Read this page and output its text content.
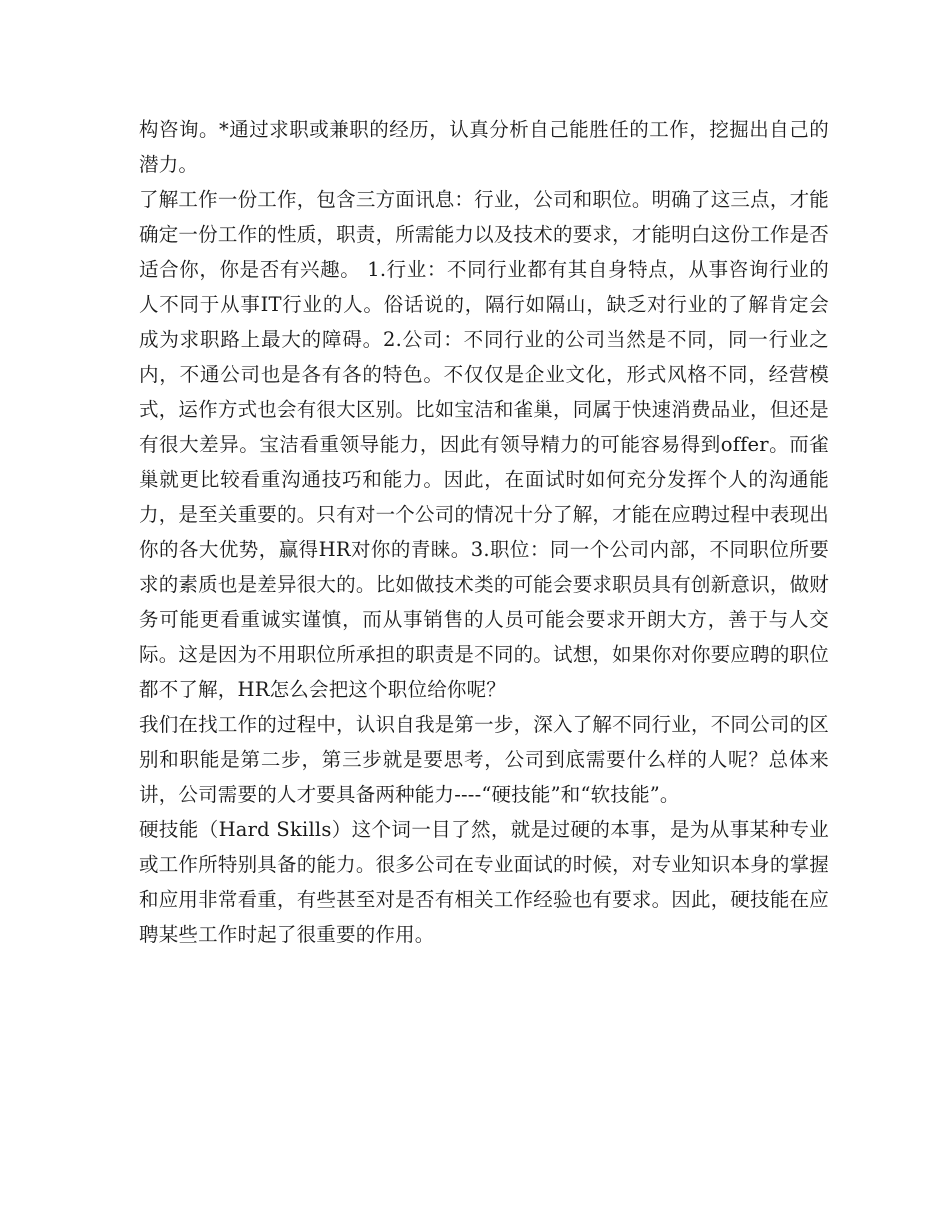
构咨询。*通过求职或兼职的经历，认真分析自己能胜任的工作，挖掘出自己的潜力。

了解工作一份工作，包含三方面讯息：行业，公司和职位。明确了这三点，才能确定一份工作的性质，职责，所需能力以及技术的要求，才能明白这份工作是否适合你，你是否有兴趣。 1.行业：不同行业都有其自身特点，从事咨询行业的人不同于从事IT行业的人。俗话说的，隔行如隔山，缺乏对行业的了解肯定会成为求职路上最大的障碍。2.公司：不同行业的公司当然是不同，同一行业之内，不通公司也是各有各的特色。不仅仅是企业文化，形式风格不同，经营模式，运作方式也会有很大区别。比如宝洁和雀巢，同属于快速消费品业，但还是有很大差异。宝洁看重领导能力，因此有领导精力的可能容易得到offer。而雀巢就更比较看重沟通技巧和能力。因此，在面试时如何充分发挥个人的沟通能力，是至关重要的。只有对一个公司的情况十分了解，才能在应聘过程中表现出你的各大优势，赢得HR对你的青睐。3.职位：同一个公司内部，不同职位所要求的素质也是差异很大的。比如做技术类的可能会要求职员具有创新意识，做财务可能更看重诚实谨慎，而从事销售的人员可能会要求开朗大方，善于与人交际。这是因为不用职位所承担的职责是不同的。试想，如果你对你要应聘的职位都不了解，HR怎么会把这个职位给你呢？

我们在找工作的过程中，认识自我是第一步，深入了解不同行业，不同公司的区别和职能是第二步，第三步就是要思考，公司到底需要什么样的人呢？总体来讲，公司需要的人才要具备两种能力----“硬技能”和“软技能”。

硬技能（Hard Skills）这个词一目了然，就是过硬的本事，是为从事某种专业或工作所特别具备的能力。很多公司在专业面试的时候，对专业知识本身的掌握和应用非常看重，有些甚至对是否有相关工作经验也有要求。因此，硬技能在应聘某些工作时起了很重要的作用。
